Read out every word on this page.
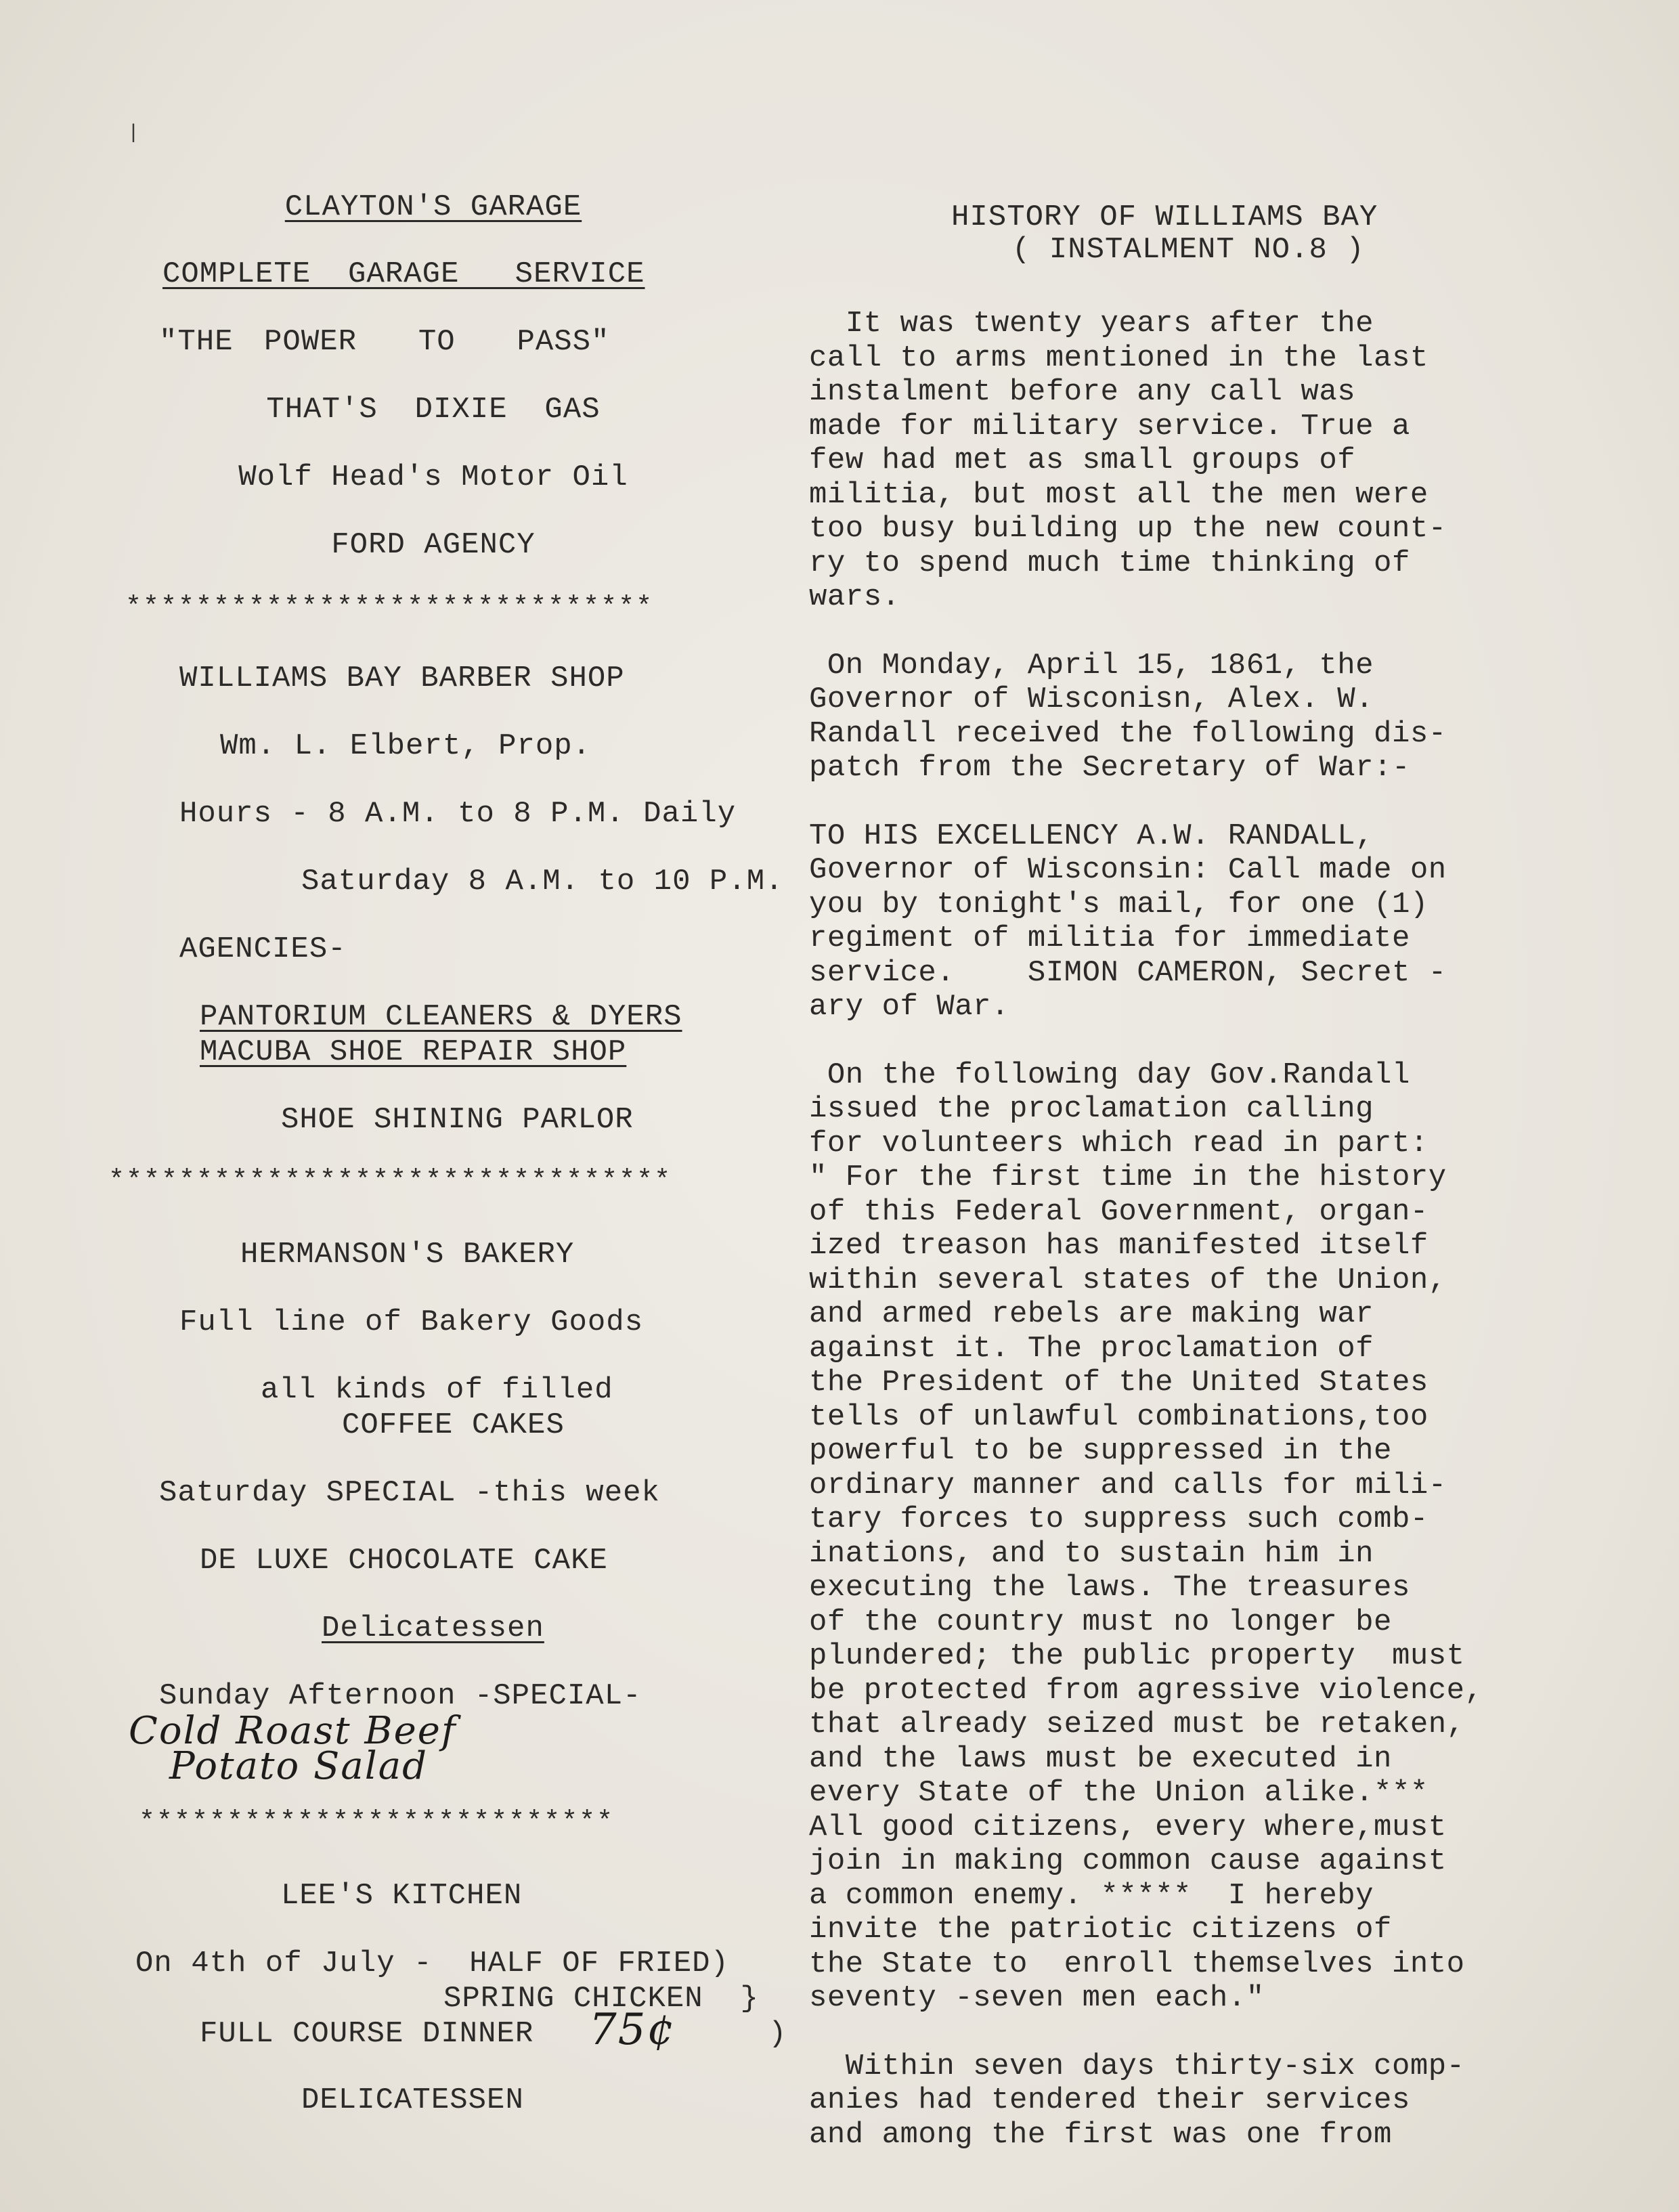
|
CLAYTON'S GARAGE
COMPLETE  GARAGE   SERVICE
"THE POWER  TO  PASS"
THAT'S  DIXIE  GAS
Wolf Head's Motor Oil
FORD AGENCY
******************************
WILLIAMS BAY BARBER SHOP
Wm. L. Elbert, Prop.
Hours - 8 A.M. to 8 P.M. Daily
Saturday 8 A.M. to 10 P.M.
AGENCIES-
PANTORIUM CLEANERS & DYERS
MACUBA SHOE REPAIR SHOP
SHOE SHINING PARLOR
********************************
HERMANSON'S BAKERY
Full line of Bakery Goods
all kinds of filled
COFFEE CAKES
Saturday SPECIAL -this week
DE LUXE CHOCOLATE CAKE
Delicatessen
Sunday Afternoon -SPECIAL-
Cold Roast Beef
Potato Salad
***************************
LEE'S KITCHEN
On 4th of July -  HALF OF FRIED)
SPRING CHICKEN  }
FULL COURSE DINNER 75¢	)
DELICATESSEN
HISTORY OF WILLIAMS BAY
( INSTALMENT NO.8 )
It was twenty years after the
call to arms mentioned in the last
instalment before any call was
made for military service. True a
few had met as small groups of
militia, but most all the men were
too busy building up the new count-
ry to spend much time thinking of
wars.
On Monday, April 15, 1861, the
Governor of Wisconisn, Alex. W.
Randall received the following dis-
patch from the Secretary of War:-
TO HIS EXCELLENCY A.W. RANDALL,
Governor of Wisconsin: Call made on
you by tonight's mail, for one (1)
regiment of militia for immediate
service.    SIMON CAMERON, Secret -
ary of War.
On the following day Gov.Randall
issued the proclamation calling
for volunteers which read in part:
" For the first time in the history
of this Federal Government, organ-
ized treason has manifested itself
within several states of the Union,
and armed rebels are making war
against it. The proclamation of
the President of the United States
tells of unlawful combinations,too
powerful to be suppressed in the
ordinary manner and calls for mili-
tary forces to suppress such comb-
inations, and to sustain him in
executing the laws. The treasures
of the country must no longer be
plundered; the public property  must
be protected from agressive violence,
that already seized must be retaken,
and the laws must be executed in
every State of the Union alike.***
All good citizens, every where,must
join in making common cause against
a common enemy. *****  I hereby
invite the patriotic citizens of
the State to  enroll themselves into
seventy -seven men each."
Within seven days thirty-six comp-
anies had tendered their services
and among the first was one from
